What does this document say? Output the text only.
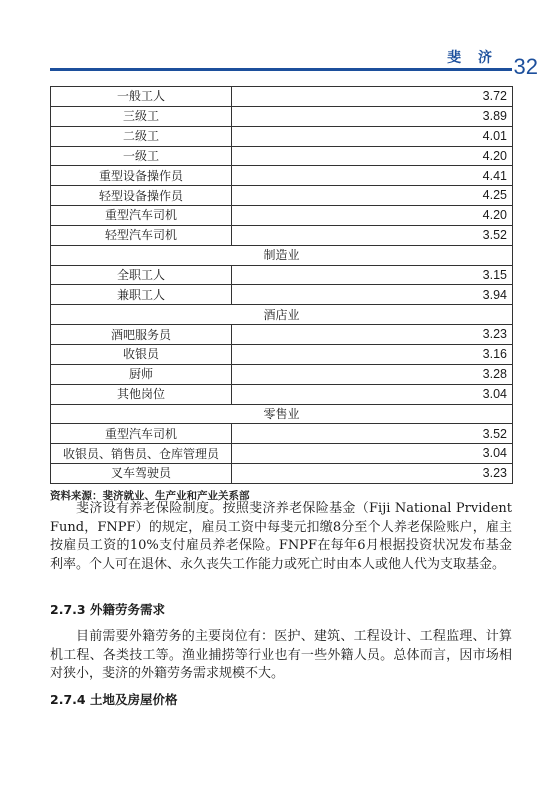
斐 济 32
一般工人	3.72
三级工	3.89
二级工	4.01
一级工	4.20
重型设备操作员	4.41
轻型设备操作员	4.25
重型汽车司机	4.20
轻型汽车司机	3.52
制造业	
全职工人	3.15
兼职工人	3.94
酒店业	
酒吧服务员	3.23
收银员	3.16
厨师	3.28
其他岗位	3.04
零售业	
重型汽车司机	3.52
收银员、销售员、仓库管理员	3.04
叉车驾驶员	3.23
资料来源：斐济就业、生产业和产业关系部

斐济设有养老保险制度。按照斐济养老保险基金（Fiji National Prvident Fund，FNPF）的规定，雇员工资中每斐元扣缴8分至个人养老保险账户，雇主按雇员工资的10%支付雇员养老保险。FNPF在每年6月根据投资状况发布基金利率。个人可在退休、永久丧失工作能力或死亡时由本人或他人代为支取基金。

2.7.3 外籍劳务需求

目前需要外籍劳务的主要岗位有：医护、建筑、工程设计、工程监理、计算机工程、各类技工等。渔业捕捞等行业也有一些外籍人员。总体而言，因市场相对狭小，斐济的外籍劳务需求规模不大。

2.7.4 土地及房屋价格
